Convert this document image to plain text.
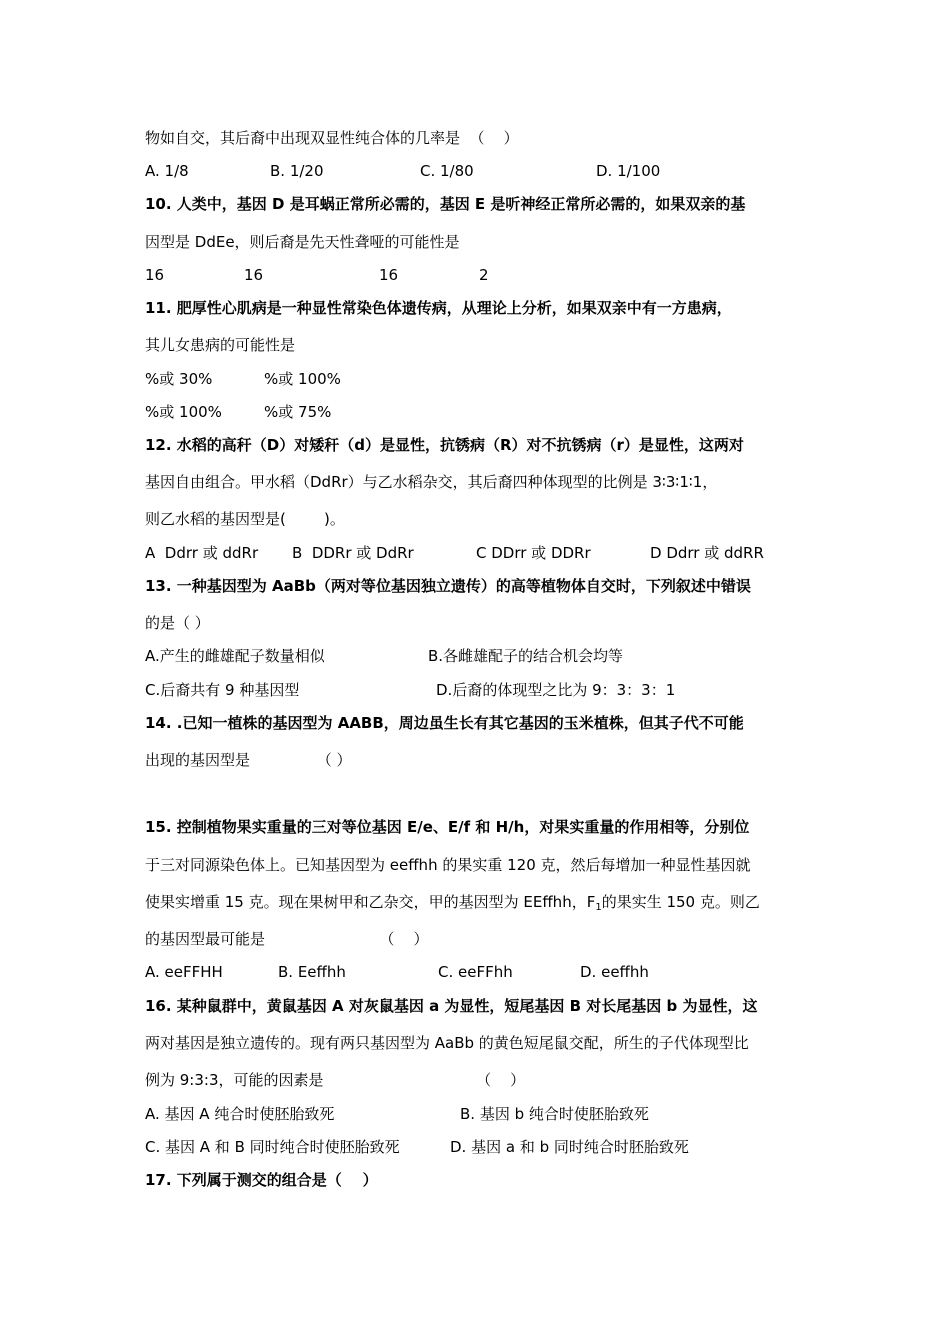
物如自交，其后裔中出现双显性纯合体的几率是  （    ）
A. 1/8	B. 1/20	C. 1/80	D. 1/100
10. 人类中，基因 D 是耳蜗正常所必需的，基因 E 是听神经正常所必需的，如果双亲的基
因型是 DdEe，则后裔是先天性聋哑的可能性是
16	16	16	2
11. 肥厚性心肌病是一种显性常染色体遗传病，从理论上分析，如果双亲中有一方患病，
其儿女患病的可能性是
%或 30%	%或 100%
%或 100%	%或 75%
12. 水稻的高秆（D）对矮秆（d）是显性，抗锈病（R）对不抗锈病（r）是显性，这两对
基因自由组合。甲水稻（DdRr）与乙水稻杂交，其后裔四种体现型的比例是 3∶3∶1∶1，
则乙水稻的基因型是(        )。
A  Ddrr 或 ddRr B  DDRr 或 DdRr	C DDrr 或 DDRr	D Ddrr 或 ddRR
13. 一种基因型为 AaBb（两对等位基因独立遗传）的高等植物体自交时，下列叙述中错误
的是（ ）
A.产生的雌雄配子数量相似	B.各雌雄配子的结合机会均等
C.后裔共有 9 种基因型	D.后裔的体现型之比为 9：3：3：1
14. .已知一植株的基因型为 AABB，周边虽生长有其它基因的玉米植株，但其子代不可能
出现的基因型是              （ ）
15. 控制植物果实重量的三对等位基因 E/e、E/f 和 H/h，对果实重量的作用相等，分别位
于三对同源染色体上。已知基因型为 eeffhh 的果实重 120 克，然后每增加一种显性基因就
使果实增重 15 克。现在果树甲和乙杂交，甲的基因型为 EEffhh，$F_1$的果实生 150 克。则乙
的基因型最可能是                        （    ）
A. eeFFHH	B. Eeffhh	C. eeFFhh	D. eeffhh
16. 某种鼠群中，黄鼠基因 A 对灰鼠基因 a 为显性，短尾基因 B 对长尾基因 b 为显性，这
两对基因是独立遗传的。现有两只基因型为 AaBb 的黄色短尾鼠交配，所生的子代体现型比
例为 9:3:3，可能的因素是                                （    ）
A. 基因 A 纯合时使胚胎致死	B. 基因 b 纯合时使胚胎致死
C. 基因 A 和 B 同时纯合时使胚胎致死	D. 基因 a 和 b 同时纯合时胚胎致死
17. 下列属于测交的组合是（    ）
